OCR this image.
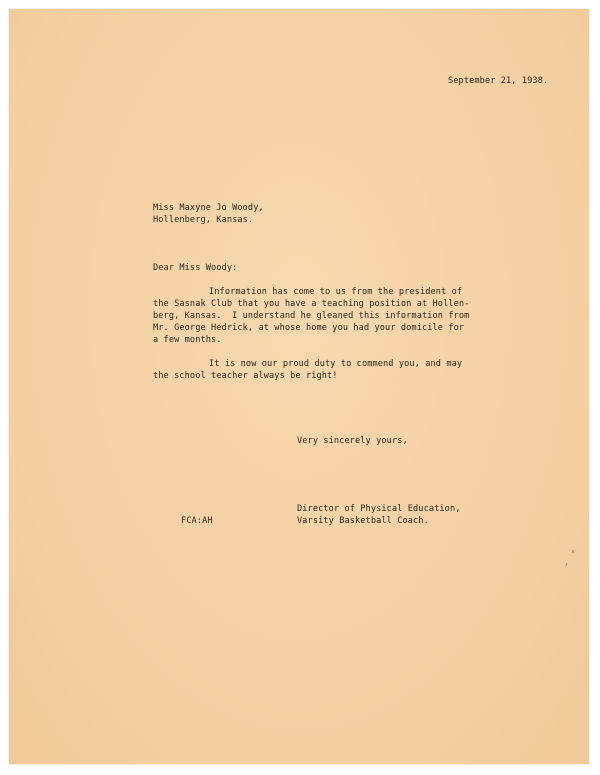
September 21, 1938.
Miss Maxyne Jo Woody,
Hollenberg, Kansas.
Dear Miss Woody:
Information has come to us from the president of
the Sasnak Club that you have a teaching position at Hollen-
berg, Kansas.  I understand he gleaned this information from
Mr. George Hedrick, at whose home you had your domicile for
a few months.
It is now our proud duty to commend you, and may
the school teacher always be right!
Very sincerely yours,
Director of Physical Education,
Varsity Basketball Coach.
FCA:AH
